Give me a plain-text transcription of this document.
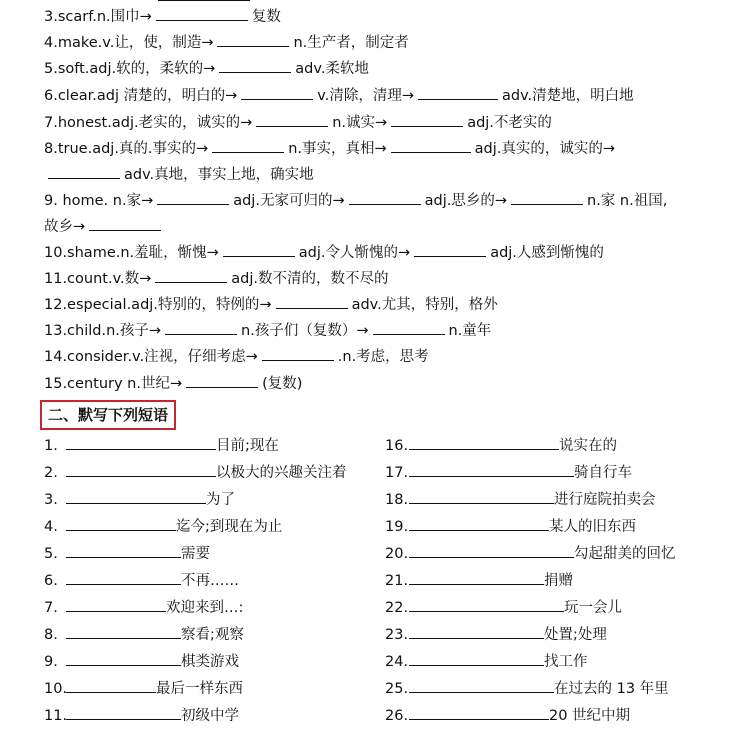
3.scarf.n.围巾→	复数
4.make.v.让，使，制造→	n.生产者，制定者
5.soft.adj.软的，柔软的→	adv.柔软地
6.clear.adj 清楚的，明白的→	v.清除，清理→	adv.清楚地，明白地
7.honest.adj.老实的，诚实的→	n.诚实→	adj.不老实的
8.true.adj.真的.事实的→	n.事实，真相→	adj.真实的，诚实的→
adv.真地，事实上地，确实地
9. home. n.家→	adj.无家可归的→	adj.思乡的→	n.家 n.祖国,
故乡→
10.shame.n.羞耻，惭愧→	adj.令人惭愧的→	adj.人感到惭愧的
11.count.v.数→	adj.数不清的，数不尽的
12.especial.adj.特别的，特例的→	adv.尤其，特别，格外
13.child.n.孩子→	n.孩子们（复数）→	n.童年
14.consider.v.注视，仔细考虑→	.n.考虑，思考
15.century n.世纪→	(复数)
二、默写下列短语
1.	目前;现在
2.	以极大的兴趣关注着
3.	为了
4.	迄今;到现在为止
5.	需要
6.	不再……
7.	欢迎来到…:
8.	察看;观察
9.	棋类游戏
10.	最后一样东西
11.	初级中学
16.	说实在的
17.	骑自行车
18.	进行庭院拍卖会
19.	某人的旧东西
20.	勾起甜美的回忆
21.	捐赠
22.	玩一会儿
23.	处置;处理
24.	找工作
25.	在过去的 13 年里
26.	20 世纪中期
